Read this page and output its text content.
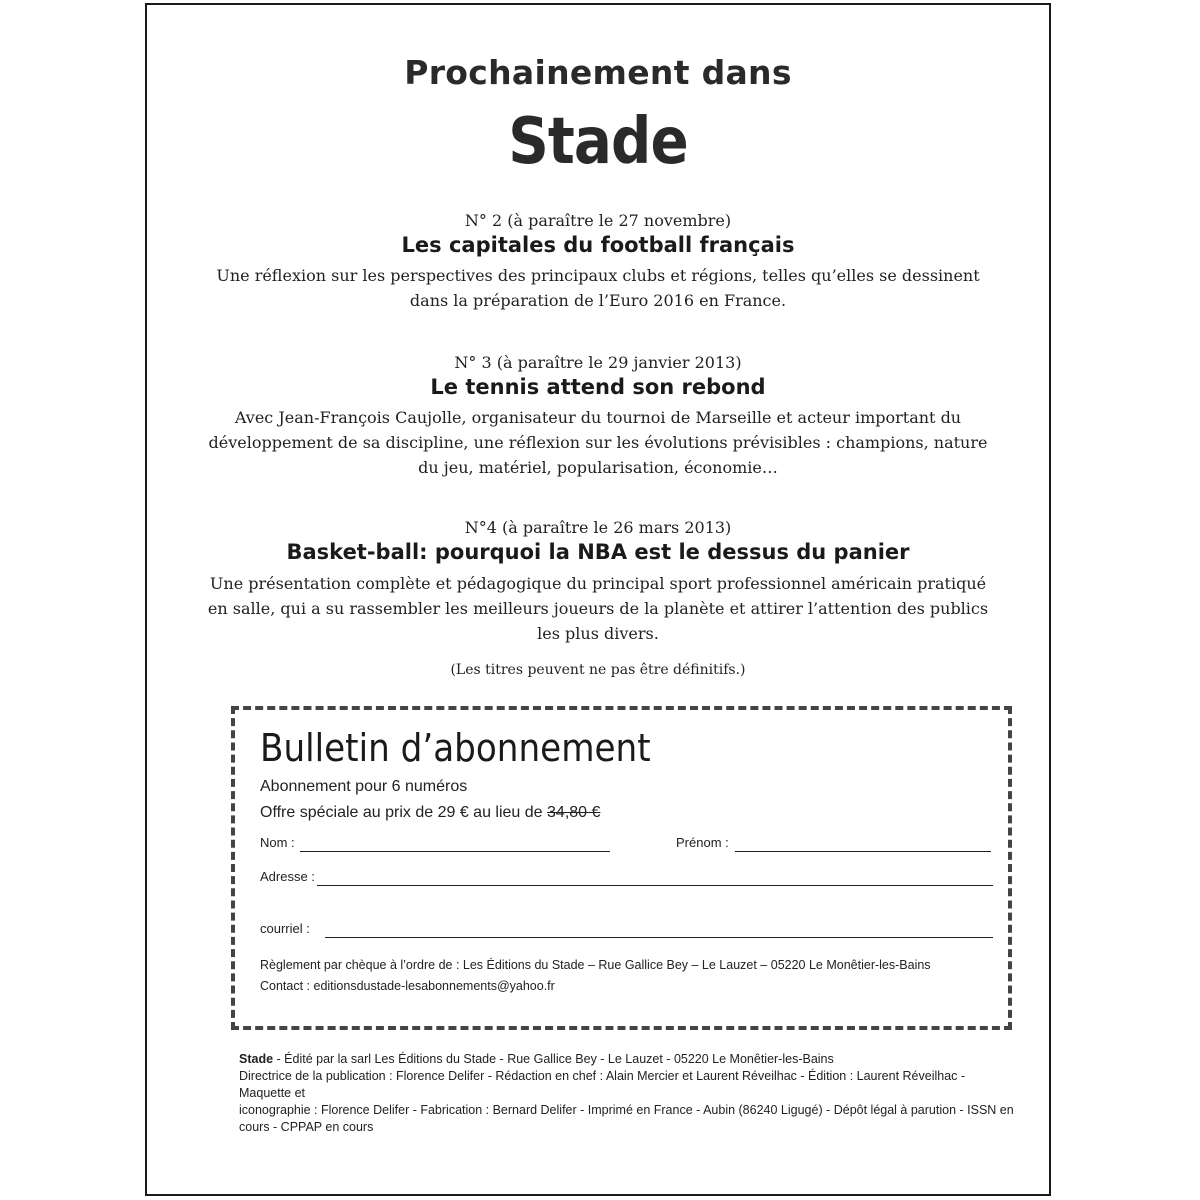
Prochainement dans
Stade
N° 2 (à paraître le 27 novembre)
Les capitales du football français
Une réflexion sur les perspectives des principaux clubs et régions, telles qu’elles se dessinent
dans la préparation de l’Euro 2016 en France.
N° 3 (à paraître le 29 janvier 2013)
Le tennis attend son rebond
Avec Jean-François Caujolle, organisateur du tournoi de Marseille et acteur important du
développement de sa discipline, une réflexion sur les évolutions prévisibles : champions, nature
du jeu, matériel, popularisation, économie…
N°4 (à paraître le 26 mars 2013)
Basket-ball: pourquoi la NBA est le dessus du panier
Une présentation complète et pédagogique du principal sport professionnel américain pratiqué
en salle, qui a su rassembler les meilleurs joueurs de la planète et attirer l’attention des publics
les plus divers.
(Les titres peuvent ne pas être définitifs.)
Bulletin d’abonnement
Abonnement pour 6 numéros
Offre spéciale au prix de 29 € au lieu de 34,80 €
Nom :	Prénom :
Adresse :
courriel :
Règlement par chèque à l’ordre de : Les Éditions du Stade – Rue Gallice Bey – Le Lauzet – 05220 Le Monêtier-les-Bains
Contact : editionsdustade-lesabonnements@yahoo.fr
Stade - Édité par la sarl Les Éditions du Stade - Rue Gallice Bey - Le Lauzet - 05220 Le Monêtier-les-Bains
Directrice de la publication : Florence Delifer - Rédaction en chef : Alain Mercier et Laurent Réveilhac - Édition : Laurent Réveilhac - Maquette et
iconographie : Florence Delifer - Fabrication : Bernard Delifer - Imprimé en France - Aubin (86240 Ligugé) - Dépôt légal à parution - ISSN en
cours - CPPAP en cours
